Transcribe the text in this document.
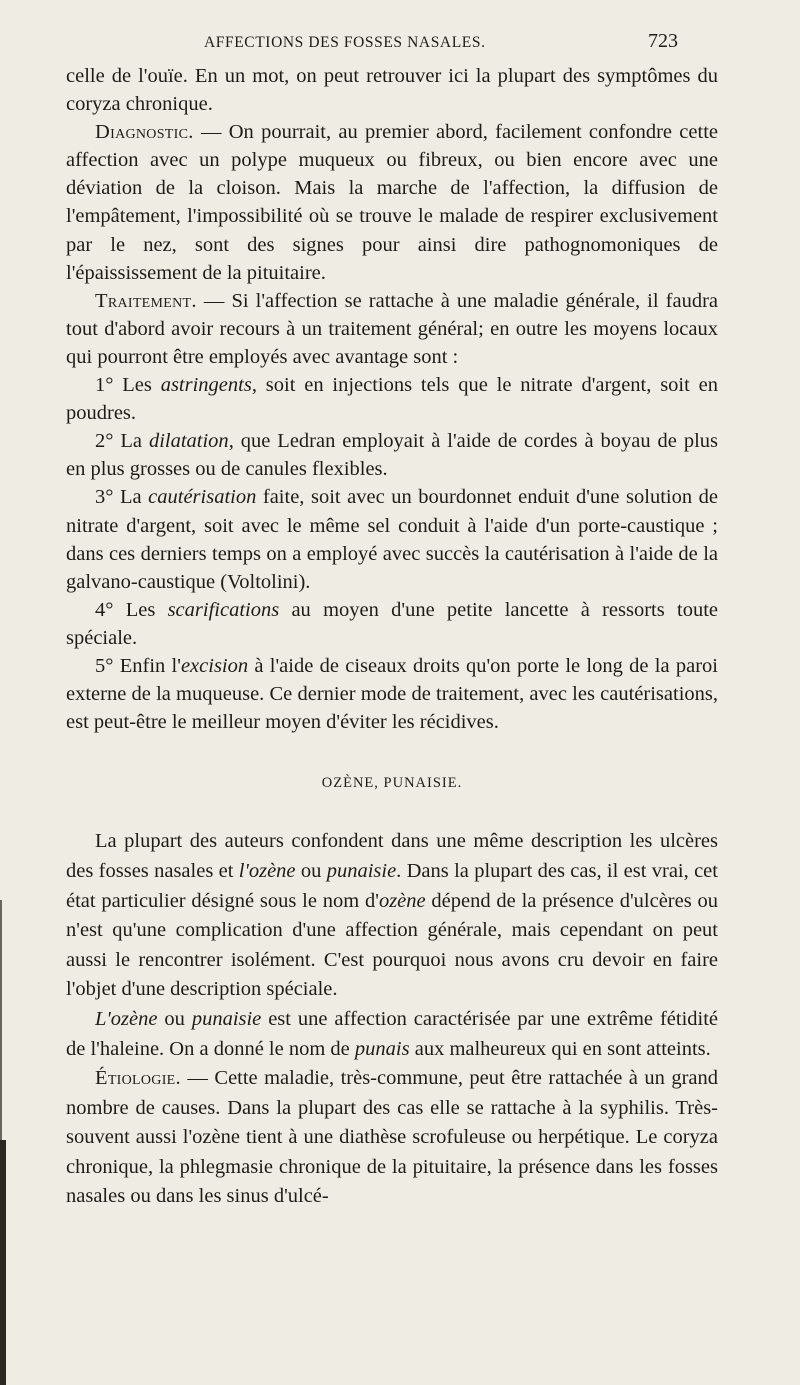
AFFECTIONS DES FOSSES NASALES.	723

celle de l'ouïe. En un mot, on peut retrouver ici la plupart des symptômes du coryza chronique.

Diagnostic. — On pourrait, au premier abord, facilement confondre cette affection avec un polype muqueux ou fibreux, ou bien encore avec une déviation de la cloison. Mais la marche de l'affection, la diffusion de l'empâtement, l'impossibilité où se trouve le malade de respirer exclusivement par le nez, sont des signes pour ainsi dire pathognomoniques de l'épaississement de la pituitaire.

Traitement. — Si l'affection se rattache à une maladie générale, il faudra tout d'abord avoir recours à un traitement général; en outre les moyens locaux qui pourront être employés avec avantage sont :

1° Les astringents, soit en injections tels que le nitrate d'argent, soit en poudres.

2° La dilatation, que Ledran employait à l'aide de cordes à boyau de plus en plus grosses ou de canules flexibles.

3° La cautérisation faite, soit avec un bourdonnet enduit d'une solution de nitrate d'argent, soit avec le même sel conduit à l'aide d'un porte-caustique ; dans ces derniers temps on a employé avec succès la cautérisation à l'aide de la galvano-caustique (Voltolini).

4° Les scarifications au moyen d'une petite lancette à ressorts toute spéciale.

5° Enfin l'excision à l'aide de ciseaux droits qu'on porte le long de la paroi externe de la muqueuse. Ce dernier mode de traitement, avec les cautérisations, est peut-être le meilleur moyen d'éviter les récidives.

OZÈNE, PUNAISIE.

La plupart des auteurs confondent dans une même description les ulcères des fosses nasales et l'ozène ou punaisie. Dans la plupart des cas, il est vrai, cet état particulier désigné sous le nom d'ozène dépend de la présence d'ulcères ou n'est qu'une complication d'une affection générale, mais cependant on peut aussi le rencontrer isolément. C'est pourquoi nous avons cru devoir en faire l'objet d'une description spéciale.

L'ozène ou punaisie est une affection caractérisée par une extrême fétidité de l'haleine. On a donné le nom de punais aux malheureux qui en sont atteints.

Étiologie. — Cette maladie, très-commune, peut être rattachée à un grand nombre de causes. Dans la plupart des cas elle se rattache à la syphilis. Très-souvent aussi l'ozène tient à une diathèse scrofuleuse ou herpétique. Le coryza chronique, la phlegmasie chronique de la pituitaire, la présence dans les fosses nasales ou dans les sinus d'ulcé-
